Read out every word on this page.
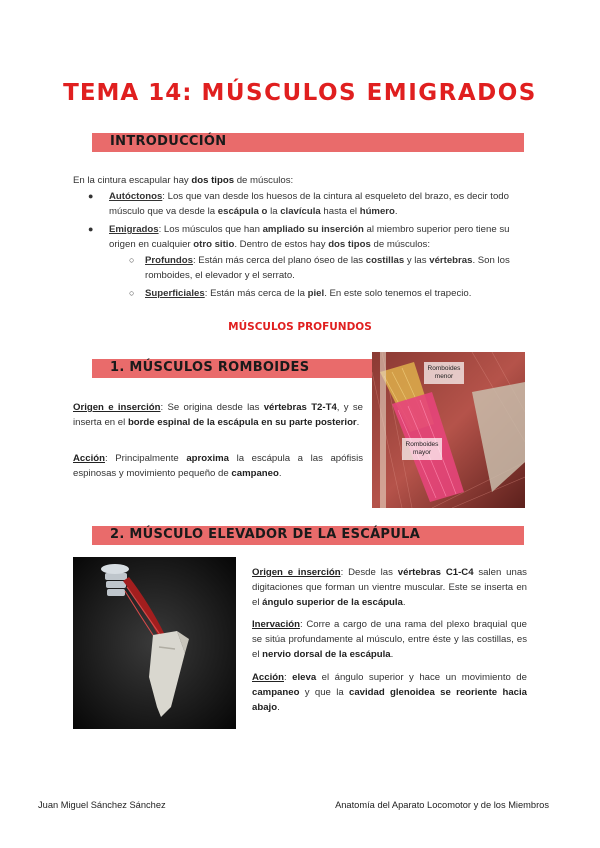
TEMA 14: MÚSCULOS EMIGRADOS
INTRODUCCIÓN
En la cintura escapular hay dos tipos de músculos:
● Autóctonos: Los que van desde los huesos de la cintura al esqueleto del brazo, es decir todo
músculo que va desde la escápula o la clavícula hasta el húmero.
● Emigrados: Los músculos que han ampliado su inserción al miembro superior pero tiene su
origen en cualquier otro sitio. Dentro de estos hay dos tipos de músculos:
○ Profundos: Están más cerca del plano óseo de las costillas y las vértebras. Son los
romboides, el elevador y el serrato.
○ Superficiales: Están más cerca de la piel. En este solo tenemos el trapecio.
MÚSCULOS PROFUNDOS
1. MÚSCULOS ROMBOIDES
Origen e inserción: Se origina desde las vértebras T2-T4, y se inserta en el borde espinal de la escápula en su parte posterior.
Acción: Principalmente aproxima la escápula a las apófisis espinosas y movimiento pequeño de campaneo.
Romboides
menor
Romboides
mayor
2. MÚSCULO ELEVADOR DE LA ESCÁPULA
Origen e inserción: Desde las vértebras C1-C4 salen unas digitaciones que forman un vientre muscular. Este se inserta en el ángulo superior de la escápula.
Inervación: Corre a cargo de una rama del plexo braquial que se sitúa profundamente al músculo, entre éste y las costillas, es el nervio dorsal de la escápula.
Acción: eleva el ángulo superior y hace un movimiento de campaneo y que la cavidad glenoidea se reoriente hacia abajo.
Juan Miguel Sánchez Sánchez	Anatomía del Aparato Locomotor y de los Miembros
